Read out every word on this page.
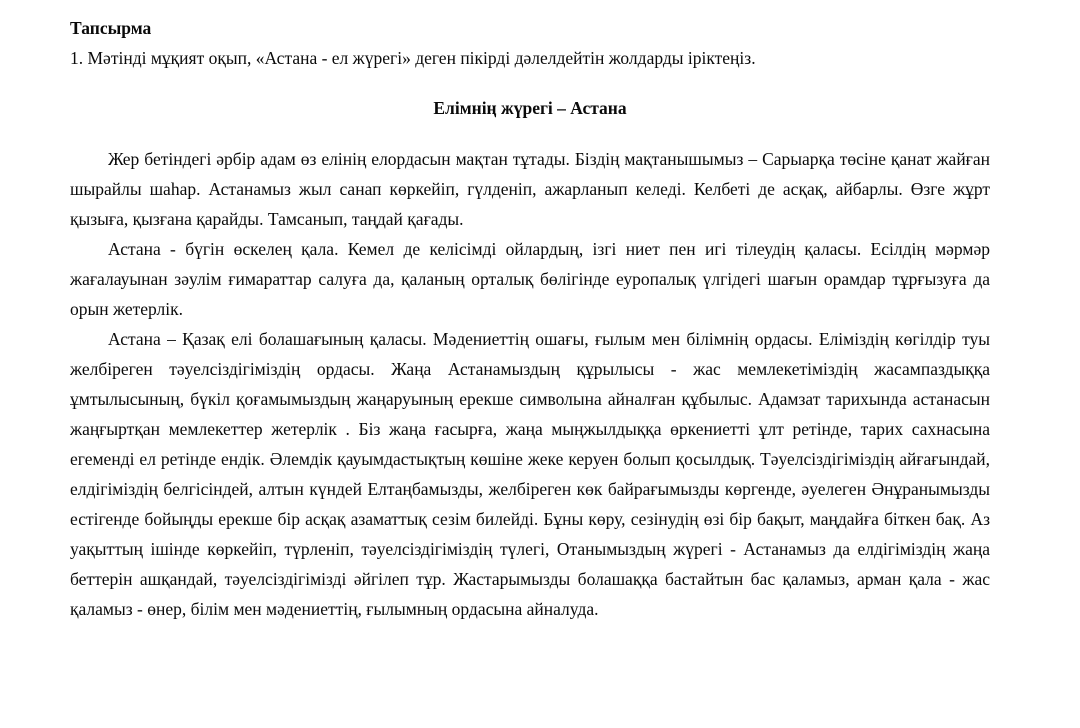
Тапсырма

1. Мәтінді мұқият оқып, «Астана - ел жүрегі» деген пікірді дәлелдейтін жолдарды іріктеңіз.

Елімнің жүрегі – Астана

Жер бетіндегі әрбір адам өз елінің елордасын мақтан тұтады. Біздің мақтанышымыз – Сарыарқа төсіне қанат жайған шырайлы шаһар. Астанамыз жыл санап көркейіп, гүлденіп, ажарланып келеді. Келбеті де асқақ, айбарлы. Өзге жұрт қызыға, қызғана қарайды. Тамсанып, таңдай қағады.

Астана - бүгін өскелең қала. Кемел де келісімді ойлардың, ізгі ниет пен игі тілеудің қаласы. Есілдің мәрмәр жағалауынан зәулім ғимараттар салуға да, қаланың орталық бөлігінде еуропалық үлгідегі шағын орамдар тұрғызуға да орын жетерлік.

Астана – Қазақ елі болашағының қаласы. Мәдениеттің ошағы, ғылым мен білімнің ордасы. Еліміздің көгілдір туы желбіреген тәуелсіздігіміздің ордасы. Жаңа Астанамыздың құрылысы - жас мемлекетіміздің жасампаздыққа ұмтылысының, бүкіл қоғамымыздың жаңаруының ерекше символына айналған құбылыс. Адамзат тарихында астанасын жаңғыртқан мемлекеттер жетерлік . Біз жаңа ғасырға, жаңа мыңжылдыққа өркениетті ұлт ретінде, тарих сахнасына егеменді ел ретінде ендік. Әлемдік қауымдастықтың көшіне жеке керуен болып қосылдық. Тәуелсіздігіміздің айғағындай, елдігіміздің белгісіндей, алтын күндей Елтаңбамызды, желбіреген көк байрағымызды көргенде, әуелеген Әнұранымызды естігенде бойыңды ерекше бір асқақ азаматтық сезім билейді. Бұны көру, сезінудің өзі бір бақыт, маңдайға біткен бақ. Аз уақыттың ішінде көркейіп, түрленіп, тәуелсіздігіміздің түлегі, Отанымыздың жүрегі - Астанамыз да елдігіміздің жаңа беттерін ашқандай, тәуелсіздігімізді әйгілеп тұр. Жастарымызды болашаққа бастайтын бас қаламыз, арман қала - жас қаламыз - өнер, білім мен мәдениеттің, ғылымның ордасына айналуда.
